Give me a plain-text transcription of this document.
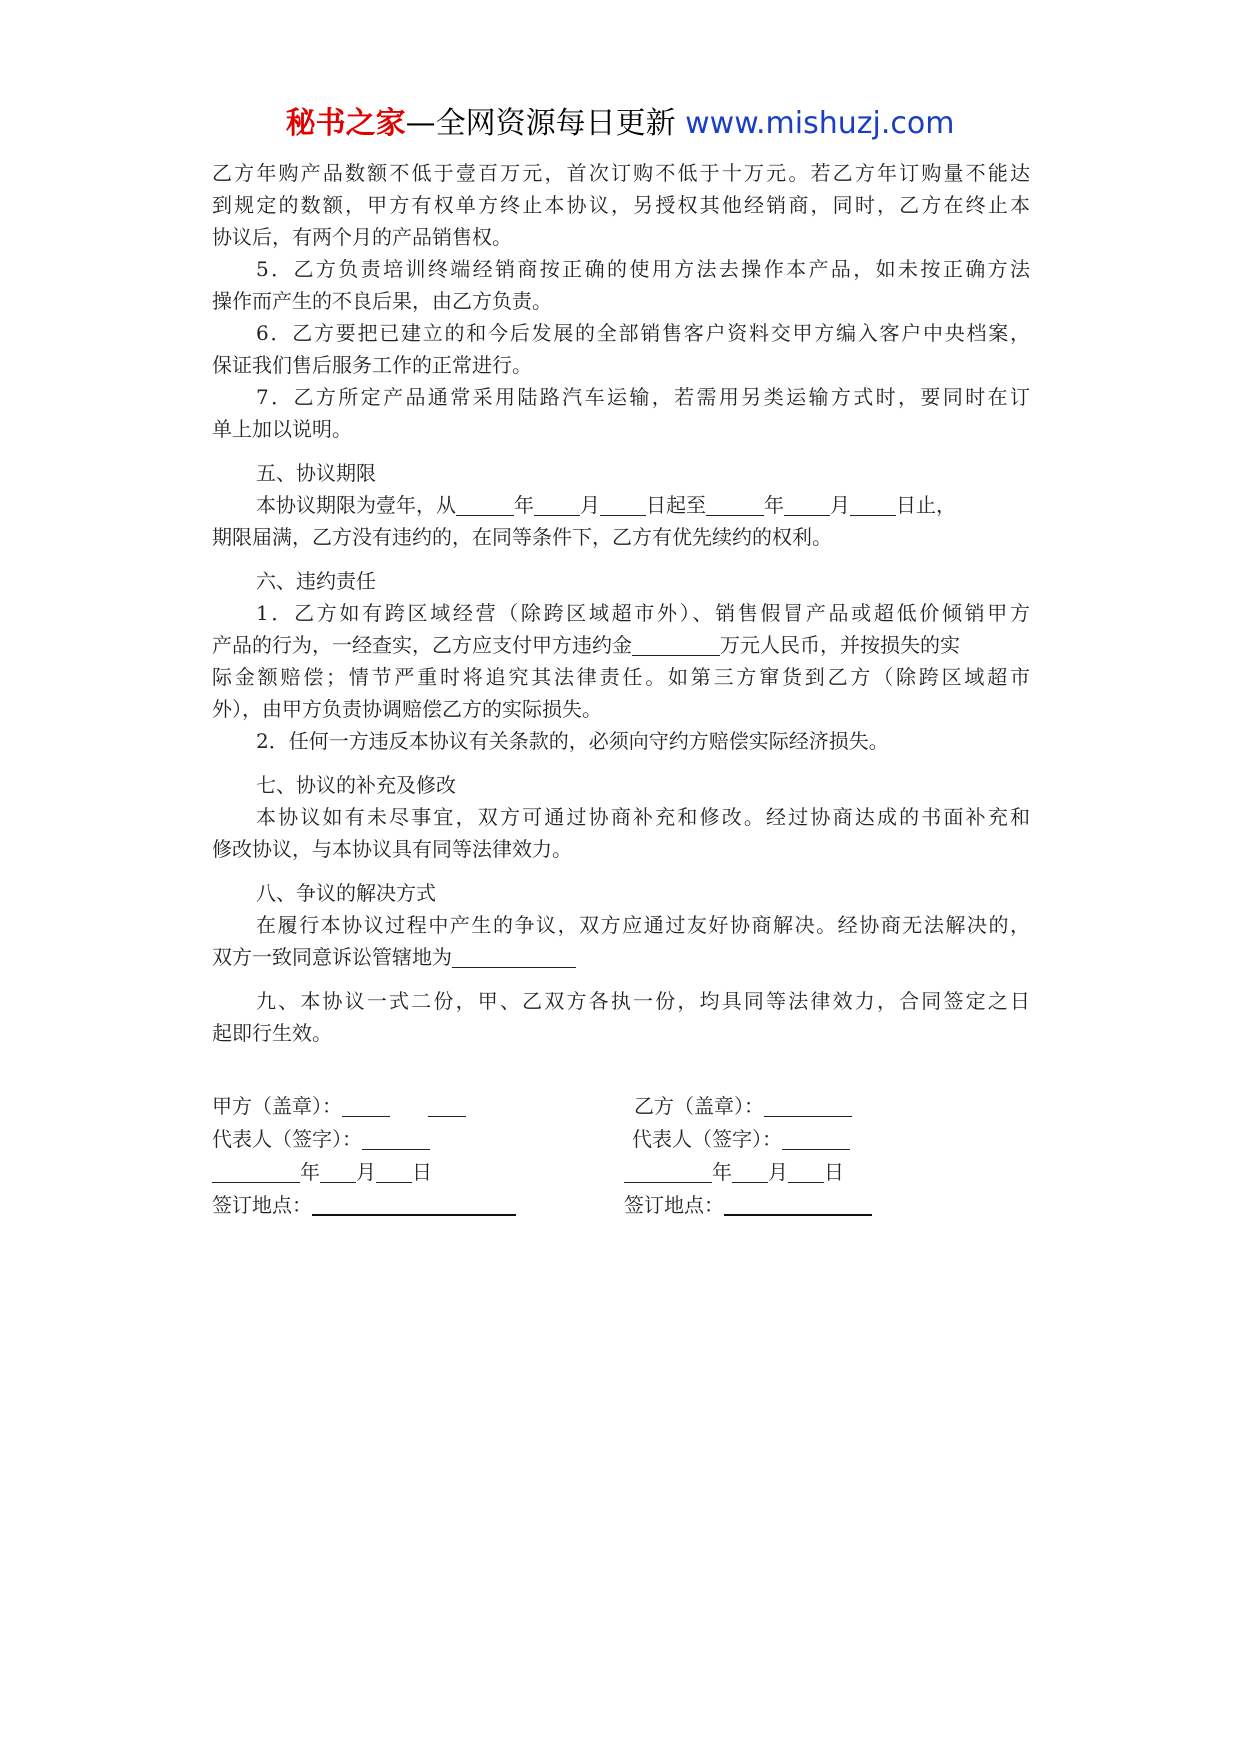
秘书之家—全网资源每日更新 www.mishuzj.com
乙方年购产品数额不低于壹百万元，首次订购不低于十万元。若乙方年订购量不能达
到规定的数额，甲方有权单方终止本协议，另授权其他经销商，同时，乙方在终止本
协议后，有两个月的产品销售权。
5．乙方负责培训终端经销商按正确的使用方法去操作本产品，如未按正确方法
操作而产生的不良后果，由乙方负责。
6．乙方要把已建立的和今后发展的全部销售客户资料交甲方编入客户中央档案，
保证我们售后服务工作的正常进行。
7．乙方所定产品通常采用陆路汽车运输，若需用另类运输方式时，要同时在订
单上加以说明。
五、协议期限
本协议期限为壹年，从	年 月 日起至	年 月 日止，
期限届满，乙方没有违约的，在同等条件下，乙方有优先续约的权利。
六、违约责任
1．乙方如有跨区域经营（除跨区域超市外）、销售假冒产品或超低价倾销甲方
产品的行为，一经查实，乙方应支付甲方违约金	万元人民币，并按损失的实
际金额赔偿；情节严重时将追究其法律责任。如第三方窜货到乙方（除跨区域超市
外），由甲方负责协调赔偿乙方的实际损失。
2．任何一方违反本协议有关条款的，必须向守约方赔偿实际经济损失。
七、协议的补充及修改
本协议如有未尽事宜，双方可通过协商补充和修改。经过协商达成的书面补充和
修改协议，与本协议具有同等法律效力。
八、争议的解决方式
在履行本协议过程中产生的争议，双方应通过友好协商解决。经协商无法解决的，
双方一致同意诉讼管辖地为
九、本协议一式二份，甲、乙双方各执一份，均具同等法律效力，合同签定之日
起即行生效。
甲方（盖章）：	乙方（盖章）：
代表人（签字）：	代表人（签字）：
年 月 日	年 月 日
签订地点：	签订地点：
